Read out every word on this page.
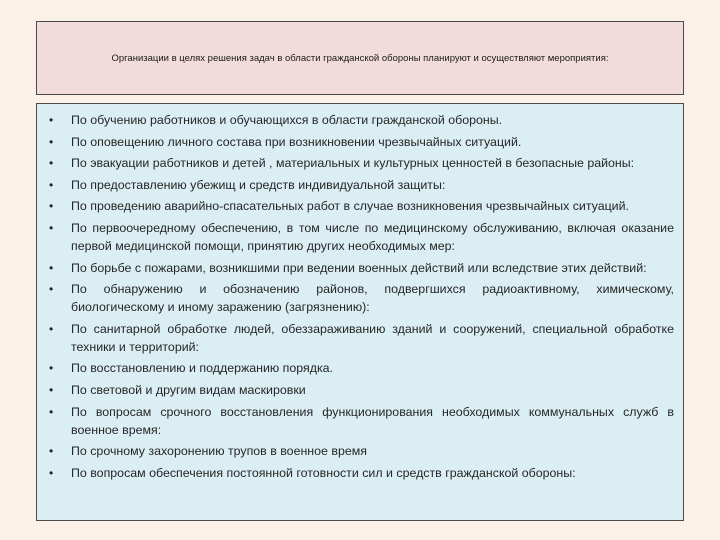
Организации в целях решения задач в области гражданской обороны планируют и осуществляют мероприятия:
•	По обучению работников и обучающихся в области гражданской обороны.
•	По оповещению личного состава при возникновении чрезвычайных ситуаций.
•	По эвакуации работников и детей , материальных и культурных ценностей в безопасные районы:
•	По предоставлению убежищ и средств индивидуальной защиты:
•	По проведению аварийно-спасательных работ в случае возникновения чрезвычайных ситуаций.
•	По первоочередному обеспечению, в том числе по медицинскому обслуживанию, включая оказание первой медицинской помощи, принятию других необходимых мер:
•	По борьбе с пожарами, возникшими при ведении военных действий или вследствие этих действий:
•	По обнаружению и обозначению районов, подвергшихся радиоактивному, химическому, биологическому и иному заражению (загрязнению):
•	По санитарной обработке людей, обеззараживанию зданий и сооружений, специальной обработке техники и территорий:
•	По восстановлению и поддержанию порядка.
•	По световой и другим видам маскировки
•	По вопросам срочного восстановления функционирования необходимых коммунальных служб в военное время:
•	По срочному захоронению трупов в военное время
•	По вопросам обеспечения постоянной готовности сил и средств гражданской обороны:
